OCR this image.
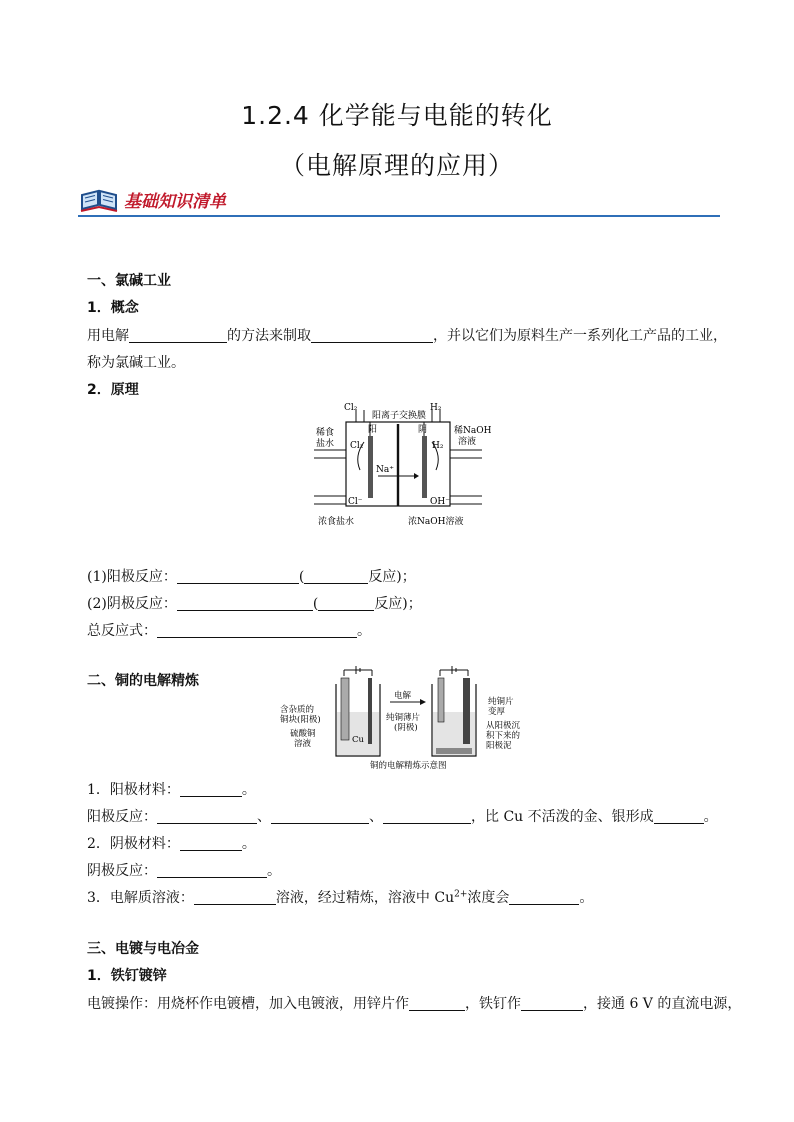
1.2.4 化学能与电能的转化
（电解原理的应用）
基础知识清单
一、氯碱工业
1．概念
用电解	的方法来制取	，并以它们为原料生产一系列化工产品的工业，
称为氯碱工业。
2．原理
Cl₂
阳离子交换膜
H₂
稀食
盐水
阳	阴	稀NaOH
溶液
Cl₂	H₂
Na⁺
Cl⁻	OH⁻
浓食盐水	浓NaOH溶液
(1)阳极反应：	(	反应)；
(2)阴极反应：	(	反应)；
总反应式：	。
二、铜的电解精炼
含杂质的
铜块(阳极)
硫酸铜
溶液	Cu
电解
纯铜薄片
(阴极)
纯铜片
变厚
从阳极沉
积下来的
阳极泥
铜的电解精炼示意图
1．阳极材料：	。
阳极反应：	、	、	，比 Cu 不活泼的金、银形成	。
2．阴极材料：	。
阴极反应：	。
3．电解质溶液：	溶液，经过精炼，溶液中 $Cu^{2+}$浓度会	。
三、电镀与电冶金
1．铁钉镀锌
电镀操作：用烧杯作电镀槽，加入电镀液，用锌片作	，铁钉作	，接通 6 V 的直流电源，
